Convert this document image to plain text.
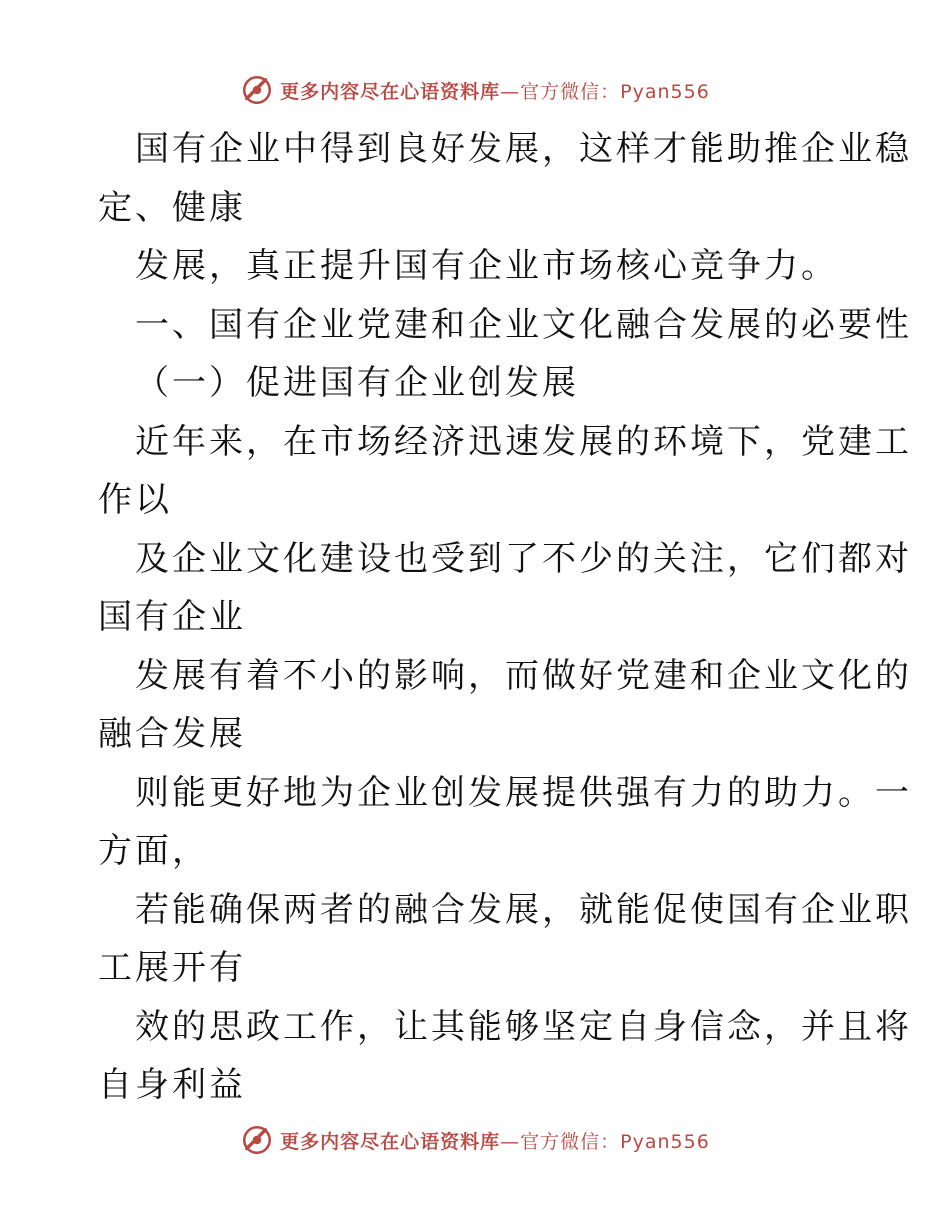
更多内容尽在心语资料库 —官方微信：Pyan556
国有企业中得到良好发展，这样才能助推企业稳
定、健康
发展，真正提升国有企业市场核心竞争力。
一、国有企业党建和企业文化融合发展的必要性
（一）促进国有企业创发展
近年来，在市场经济迅速发展的环境下，党建工
作以
及企业文化建设也受到了不少的关注，它们都对
国有企业
发展有着不小的影响，而做好党建和企业文化的
融合发展
则能更好地为企业创发展提供强有力的助力。一
方面，
若能确保两者的融合发展，就能促使国有企业职
工展开有
效的思政工作，让其能够坚定自身信念，并且将
自身利益
更多内容尽在心语资料库 —官方微信：Pyan556
